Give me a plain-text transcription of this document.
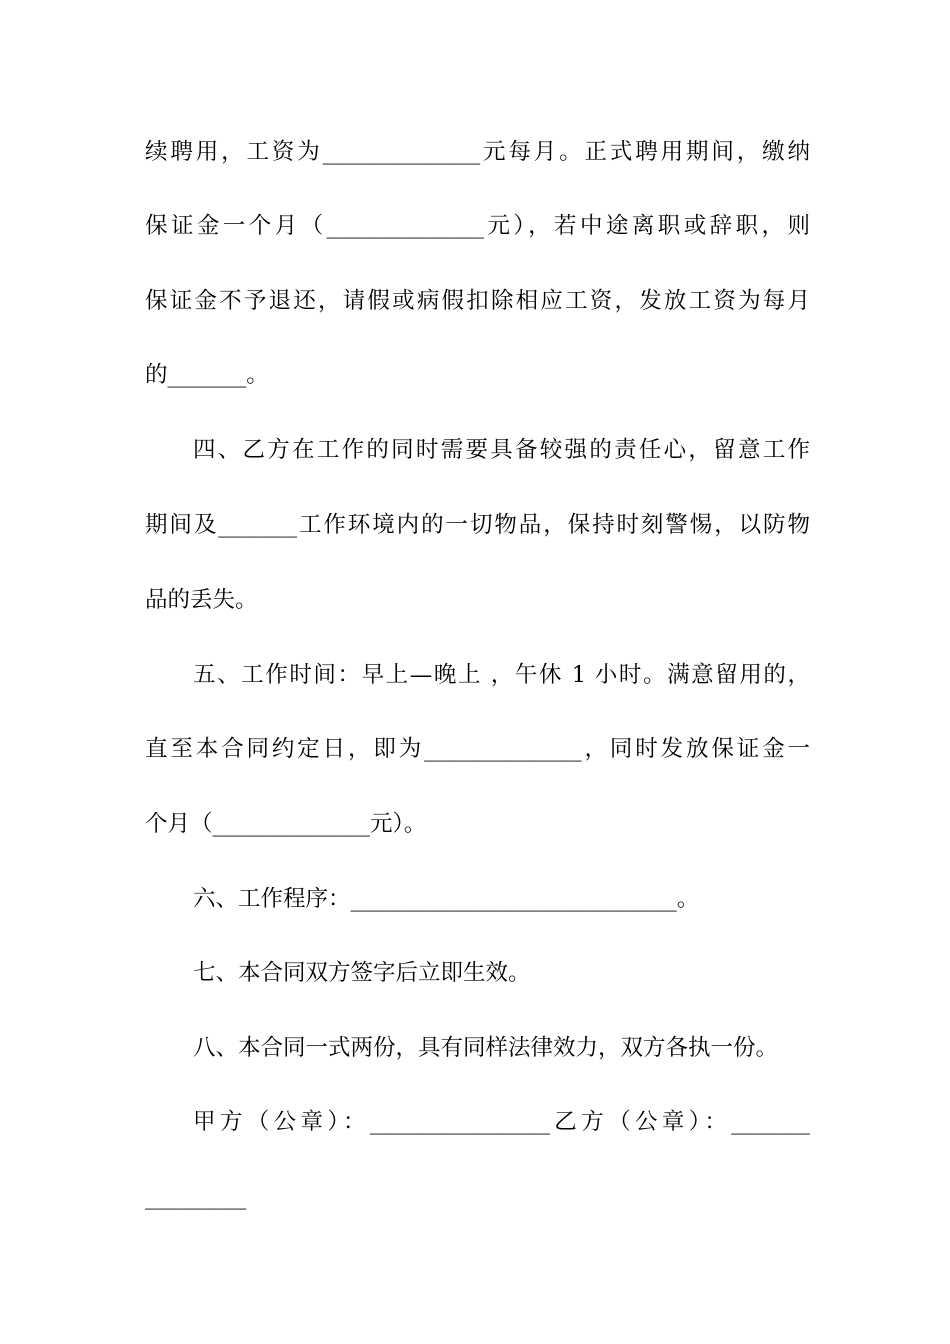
续聘用，工资为______________元每月。正式聘用期间，缴纳
保证金一个月（______________元），若中途离职或辞职，则
保证金不予退还，请假或病假扣除相应工资，发放工资为每月
的_______。
四、乙方在工作的同时需要具备较强的责任心，留意工作
期间及_______工作环境内的一切物品，保持时刻警惕，以防物
品的丢失。
五、工作时间：早上—晚上 ，午休 1 小时。满意留用的，
直至本合同约定日，即为______________，同时发放保证金一
个月（______________元）。
六、工作程序：_____________________________。
七、本合同双方签字后立即生效。
八、本合同一式两份，具有同样法律效力，双方各执一份。
甲方（公章）：________________乙方（公章）：_______
_________
